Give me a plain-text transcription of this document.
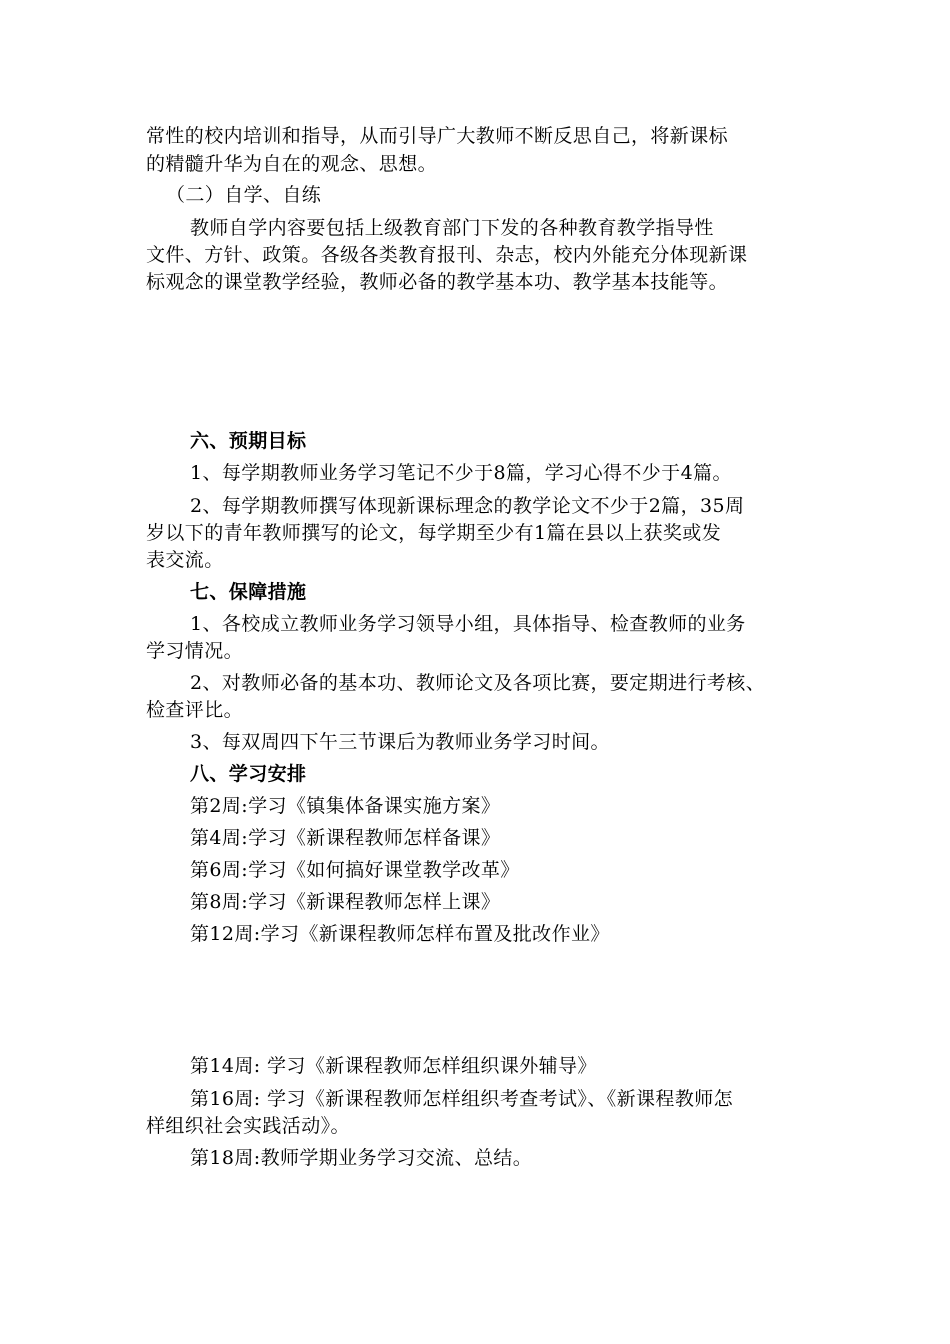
常性的校内培训和指导，从而引导广大教师不断反思自己，将新课标
的精髓升华为自在的观念、思想。
（二）自学、自练
教师自学内容要包括上级教育部门下发的各种教育教学指导性
文件、方针、政策。各级各类教育报刊、杂志，校内外能充分体现新课
标观念的课堂教学经验，教师必备的教学基本功、教学基本技能等。
六、预期目标
1、每学期教师业务学习笔记不少于8篇，学习心得不少于4篇。
2、每学期教师撰写体现新课标理念的教学论文不少于2篇，35周
岁以下的青年教师撰写的论文，每学期至少有1篇在县以上获奖或发
表交流。
七、保障措施
1、各校成立教师业务学习领导小组，具体指导、检查教师的业务
学习情况。
2、对教师必备的基本功、教师论文及各项比赛，要定期进行考核、
检查评比。
3、每双周四下午三节课后为教师业务学习时间。
八、学习安排
第2周:学习《镇集体备课实施方案》
第4周:学习《新课程教师怎样备课》
第6周:学习《如何搞好课堂教学改革》
第8周:学习《新课程教师怎样上课》
第12周:学习《新课程教师怎样布置及批改作业》
第14周: 学习《新课程教师怎样组织课外辅导》
第16周: 学习《新课程教师怎样组织考查考试》、《新课程教师怎
样组织社会实践活动》。
第18周:教师学期业务学习交流、总结。
